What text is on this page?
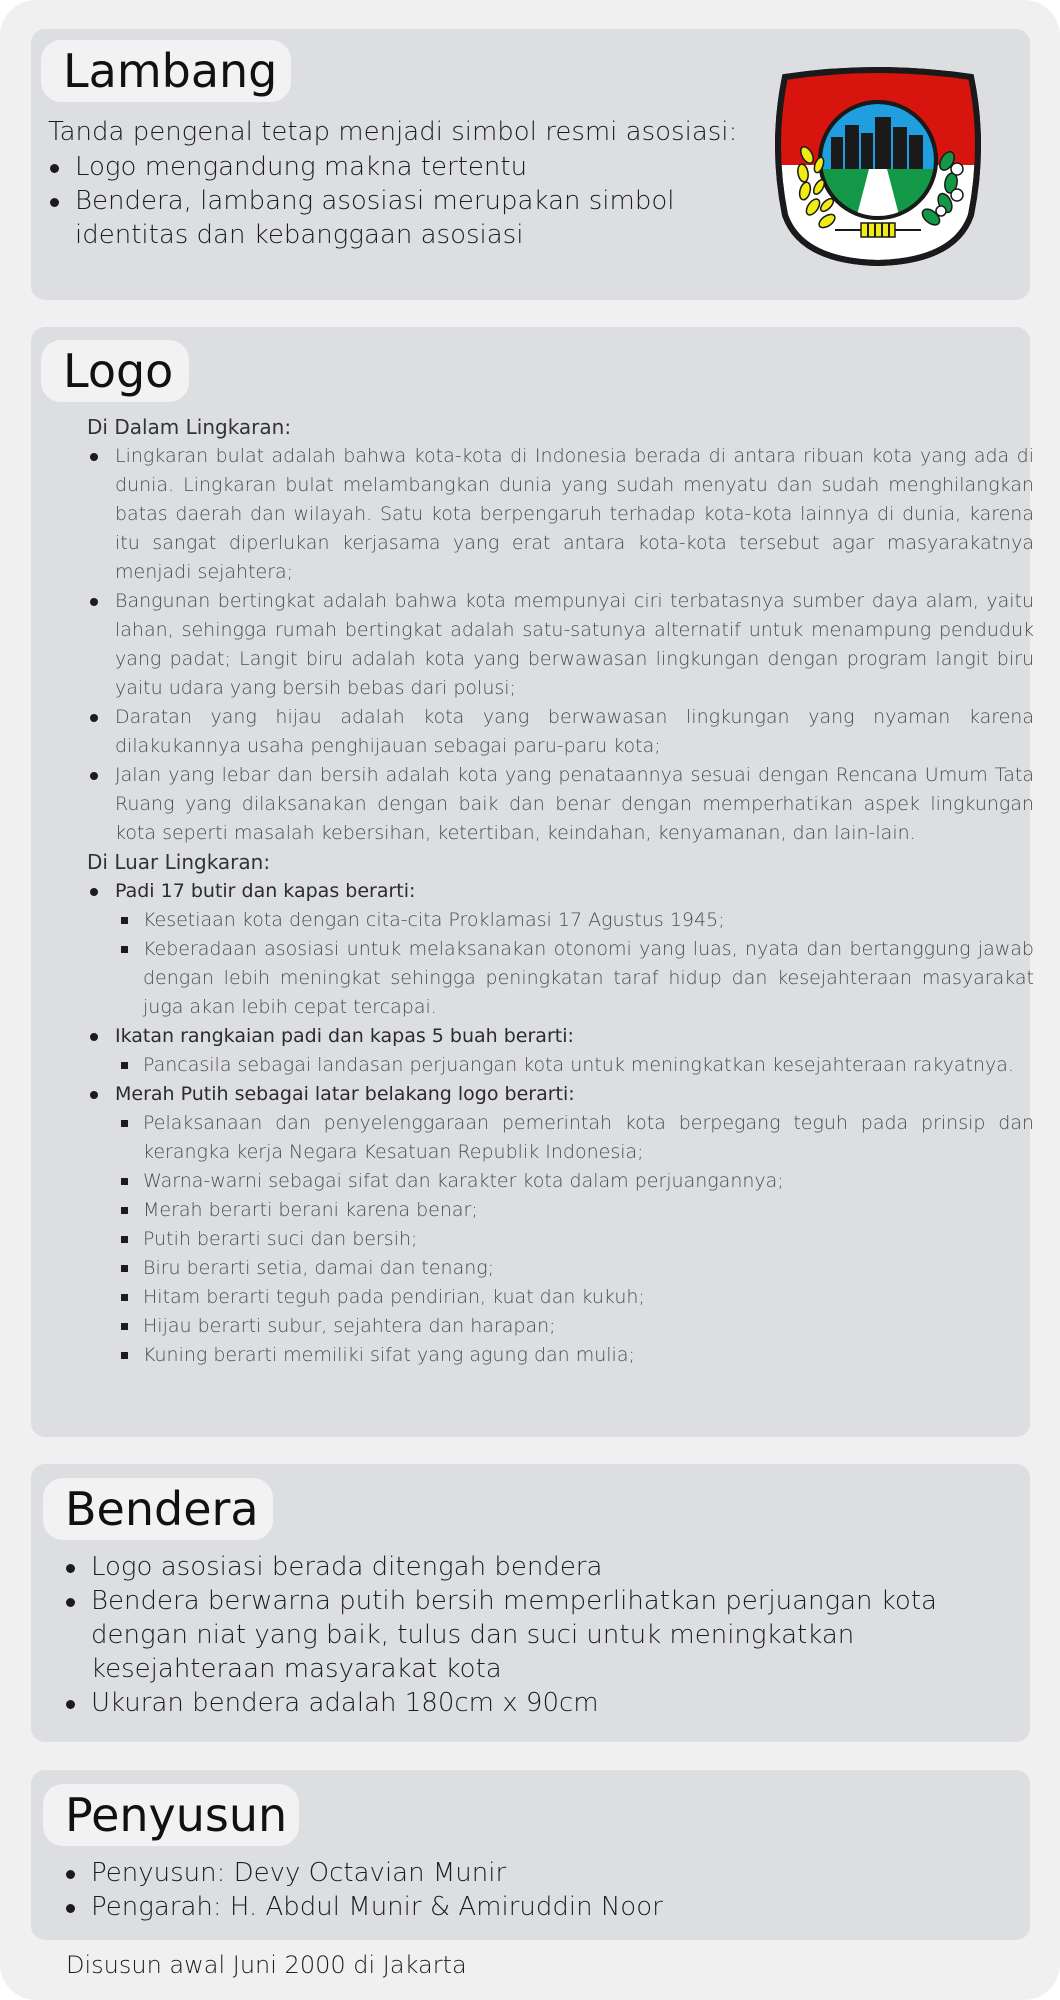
Lambang
Tanda pengenal tetap menjadi simbol resmi asosiasi:
Logo mengandung makna tertentu
Bendera, lambang asosiasi merupakan simbol identitas dan kebanggaan asosiasi
Logo
Di Dalam Lingkaran:
Lingkaran bulat adalah bahwa kota-kota di Indonesia berada di antara ribuan kota yang ada di dunia. Lingkaran bulat melambangkan dunia yang sudah menyatu dan sudah menghilangkan batas daerah dan wilayah. Satu kota berpengaruh terhadap kota-kota lainnya di dunia, karena itu sangat diperlukan kerjasama yang erat antara kota-kota tersebut agar masyarakatnya menjadi sejahtera;
Bangunan bertingkat adalah bahwa kota mempunyai ciri terbatasnya sumber daya alam, yaitu lahan, sehingga rumah bertingkat adalah satu-satunya alternatif untuk menampung penduduk yang padat; Langit biru adalah kota yang berwawasan lingkungan dengan program langit biru yaitu udara yang bersih bebas dari polusi;
Daratan yang hijau adalah kota yang berwawasan lingkungan yang nyaman karena dilakukannya usaha penghijauan sebagai paru-paru kota;
Jalan yang lebar dan bersih adalah kota yang penataannya sesuai dengan Rencana Umum Tata Ruang yang dilaksanakan dengan baik dan benar dengan memperhatikan aspek lingkungan kota seperti masalah kebersihan, ketertiban, keindahan, kenyamanan, dan lain-lain.
Di Luar Lingkaran:
Padi 17 butir dan kapas berarti:
Kesetiaan kota dengan cita-cita Proklamasi 17 Agustus 1945;
Keberadaan asosiasi untuk melaksanakan otonomi yang luas, nyata dan bertanggung jawab dengan lebih meningkat sehingga peningkatan taraf hidup dan kesejahteraan masyarakat juga akan lebih cepat tercapai.
Ikatan rangkaian padi dan kapas 5 buah berarti:
Pancasila sebagai landasan perjuangan kota untuk meningkatkan kesejahteraan rakyatnya.
Merah Putih sebagai latar belakang logo berarti:
Pelaksanaan dan penyelenggaraan pemerintah kota berpegang teguh pada prinsip dan kerangka kerja Negara Kesatuan Republik Indonesia;
Warna-warni sebagai sifat dan karakter kota dalam perjuangannya;
Merah berarti berani karena benar;
Putih berarti suci dan bersih;
Biru berarti setia, damai dan tenang;
Hitam berarti teguh pada pendirian, kuat dan kukuh;
Hijau berarti subur, sejahtera dan harapan;
Kuning berarti memiliki sifat yang agung dan mulia;
Bendera
Logo asosiasi berada ditengah bendera
Bendera berwarna putih bersih memperlihatkan perjuangan kota dengan niat yang baik, tulus dan suci untuk meningkatkan kesejahteraan masyarakat kota
Ukuran bendera adalah 180cm x 90cm
Penyusun
Penyusun: Devy Octavian Munir
Pengarah: H. Abdul Munir & Amiruddin Noor
Disusun awal Juni 2000 di Jakarta
